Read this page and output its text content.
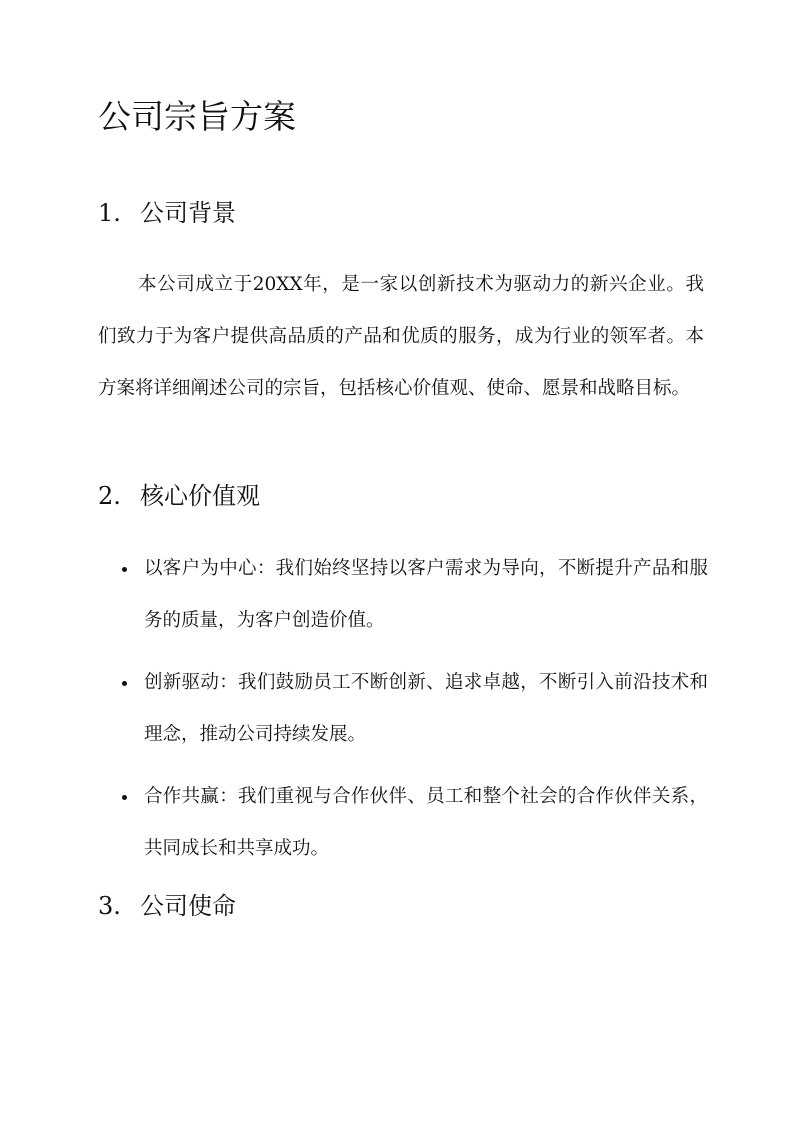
公司宗旨方案
1. 公司背景

本公司成立于20XX年，是一家以创新技术为驱动力的新兴企业。我们致力于为客户提供高品质的产品和优质的服务，成为行业的领军者。本方案将详细阐述公司的宗旨，包括核心价值观、使命、愿景和战略目标。

2. 核心价值观
以客户为中心：我们始终坚持以客户需求为导向，不断提升产品和服务的质量，为客户创造价值。
创新驱动：我们鼓励员工不断创新、追求卓越，不断引入前沿技术和理念，推动公司持续发展。
合作共赢：我们重视与合作伙伴、员工和整个社会的合作伙伴关系，共同成长和共享成功。
3. 公司使命
